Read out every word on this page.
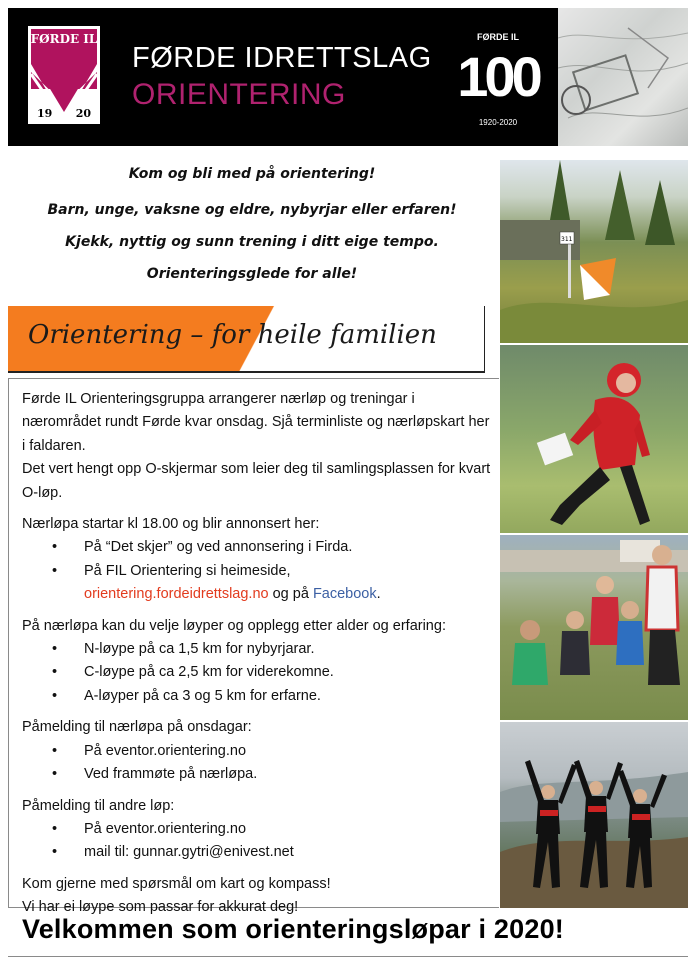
FØRDE IL
19 20
FØRDE IDRETTSLAG
ORIENTERING
FØRDE IL
100
1920-2020
Kom og bli med på orientering!
Barn, unge, vaksne og eldre, nybyrjar eller erfaren!
Kjekk, nyttig og sunn trening i ditt eige tempo.
Orienteringsglede for alle!
Orientering – for heile familien
311

Førde IL Orienteringsgruppa arrangerer nærløp og treningar i nærområdet rundt Førde kvar onsdag. Sjå terminliste og nærløpskart her i faldaren.

Det vert hengt opp O-skjermar som leier deg til samlingsplassen for kvart O-løp.

Nærløpa startar kl 18.00 og blir annonsert her:

• På “Det skjer” og ved annonsering i Firda.
• På FIL Orientering si heimeside,
orientering.fordeidrettslag.no og på Facebook.

På nærløpa kan du velje løyper og opplegg etter alder og erfaring:

• N-løype på ca 1,5 km for nybyrjarar.
• C-løype på ca 2,5 km for viderekomne.
• A-løyper på ca 3 og 5 km for erfarne.

Påmelding til nærløpa på onsdagar:

• På eventor.orientering.no
• Ved frammøte på nærløpa.

Påmelding til andre løp:

• På eventor.orientering.no
• mail til: gunnar.gytri@enivest.net

Kom gjerne med spørsmål om kart og kompass!

Vi har ei løype som passar for akkurat deg!

Velkommen som orienteringsløpar i 2020!
